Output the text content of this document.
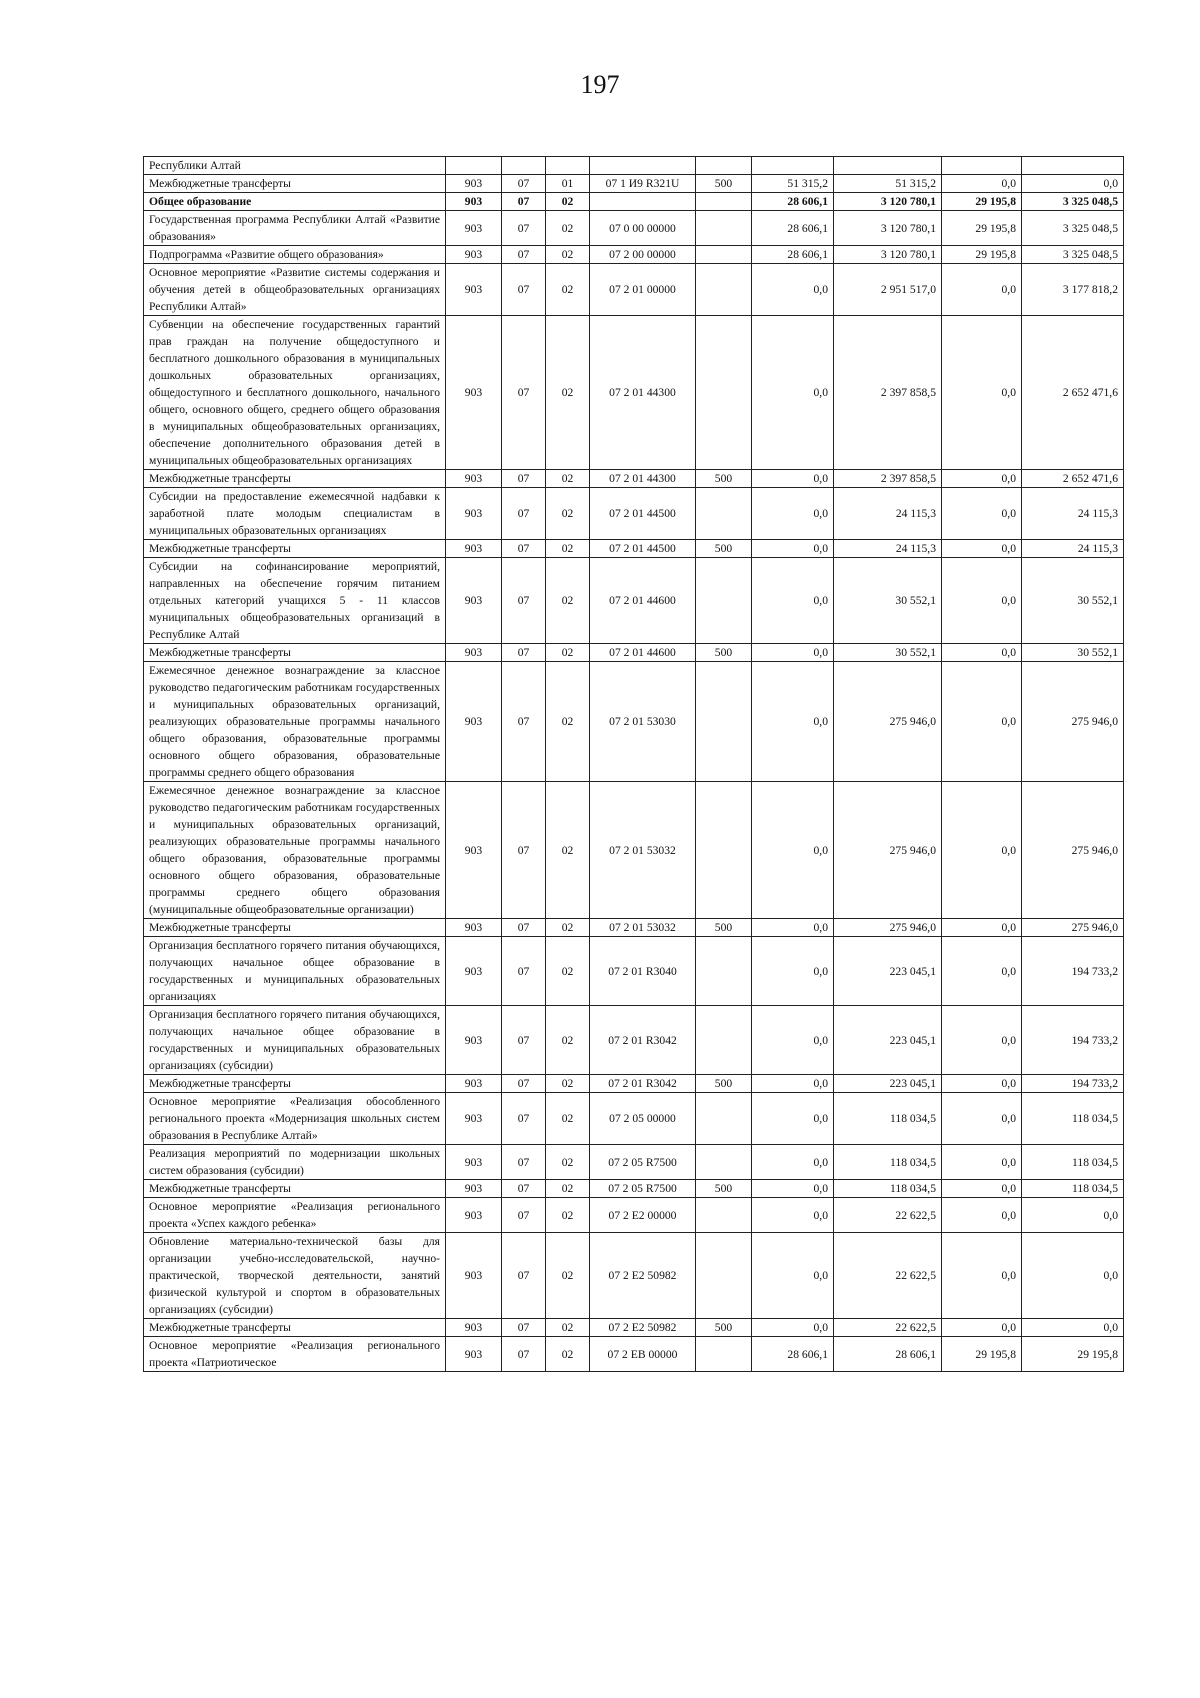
197
Республики Алтай									
Межбюджетные трансферты	903	07	01	07 1 И9 R321U	500	51 315,2	51 315,2	0,0	0,0
Общее образование	903	07	02			28 606,1	3 120 780,1	29 195,8	3 325 048,5
Государственная программа Республики Алтай «Развитие образования»	903	07	02	07 0 00 00000		28 606,1	3 120 780,1	29 195,8	3 325 048,5
Подпрограмма «Развитие общего образования»	903	07	02	07 2 00 00000		28 606,1	3 120 780,1	29 195,8	3 325 048,5
Основное мероприятие «Развитие системы содержания и обучения детей в общеобразовательных организациях Республики Алтай»	903	07	02	07 2 01 00000		0,0	2 951 517,0	0,0	3 177 818,2
Субвенции на обеспечение государственных гарантий прав граждан на получение общедоступного и бесплатного дошкольного образования в муниципальных дошкольных образовательных организациях, общедоступного и бесплатного дошкольного, начального общего, основного общего, среднего общего образования в муниципальных общеобразовательных организациях, обеспечение дополнительного образования детей в муниципальных общеобразовательных организациях	903	07	02	07 2 01 44300		0,0	2 397 858,5	0,0	2 652 471,6
Межбюджетные трансферты	903	07	02	07 2 01 44300	500	0,0	2 397 858,5	0,0	2 652 471,6
Субсидии на предоставление ежемесячной надбавки к заработной плате молодым специалистам в муниципальных образовательных организациях	903	07	02	07 2 01 44500		0,0	24 115,3	0,0	24 115,3
Межбюджетные трансферты	903	07	02	07 2 01 44500	500	0,0	24 115,3	0,0	24 115,3
Субсидии на софинансирование мероприятий, направленных на обеспечение горячим питанием отдельных категорий учащихся 5 - 11 классов муниципальных общеобразовательных организаций в Республике Алтай	903	07	02	07 2 01 44600		0,0	30 552,1	0,0	30 552,1
Межбюджетные трансферты	903	07	02	07 2 01 44600	500	0,0	30 552,1	0,0	30 552,1
Ежемесячное денежное вознаграждение за классное руководство педагогическим работникам государственных и муниципальных образовательных организаций, реализующих образовательные программы начального общего образования, образовательные программы основного общего образования, образовательные программы среднего общего образования	903	07	02	07 2 01 53030		0,0	275 946,0	0,0	275 946,0
Ежемесячное денежное вознаграждение за классное руководство педагогическим работникам государственных и муниципальных образовательных организаций, реализующих образовательные программы начального общего образования, образовательные программы основного общего образования, образовательные программы среднего общего образования (муниципальные общеобразовательные организации)	903	07	02	07 2 01 53032		0,0	275 946,0	0,0	275 946,0
Межбюджетные трансферты	903	07	02	07 2 01 53032	500	0,0	275 946,0	0,0	275 946,0
Организация бесплатного горячего питания обучающихся, получающих начальное общее образование в государственных и муниципальных образовательных организациях	903	07	02	07 2 01 R3040		0,0	223 045,1	0,0	194 733,2
Организация бесплатного горячего питания обучающихся, получающих начальное общее образование в государственных и муниципальных образовательных организациях (субсидии)	903	07	02	07 2 01 R3042		0,0	223 045,1	0,0	194 733,2
Межбюджетные трансферты	903	07	02	07 2 01 R3042	500	0,0	223 045,1	0,0	194 733,2
Основное мероприятие «Реализация обособленного регионального проекта «Модернизация школьных систем образования в Республике Алтай»	903	07	02	07 2 05 00000		0,0	118 034,5	0,0	118 034,5
Реализация мероприятий по модернизации школьных систем образования (субсидии)	903	07	02	07 2 05 R7500		0,0	118 034,5	0,0	118 034,5
Межбюджетные трансферты	903	07	02	07 2 05 R7500	500	0,0	118 034,5	0,0	118 034,5
Основное мероприятие «Реализация регионального проекта «Успех каждого ребенка»	903	07	02	07 2 E2 00000		0,0	22 622,5	0,0	0,0
Обновление материально-технической базы для организации учебно-исследовательской, научно-практической, творческой деятельности, занятий физической культурой и спортом в образовательных организациях (субсидии)	903	07	02	07 2 E2 50982		0,0	22 622,5	0,0	0,0
Межбюджетные трансферты	903	07	02	07 2 E2 50982	500	0,0	22 622,5	0,0	0,0
Основное мероприятие «Реализация регионального проекта «Патриотическое	903	07	02	07 2 EB 00000		28 606,1	28 606,1	29 195,8	29 195,8
